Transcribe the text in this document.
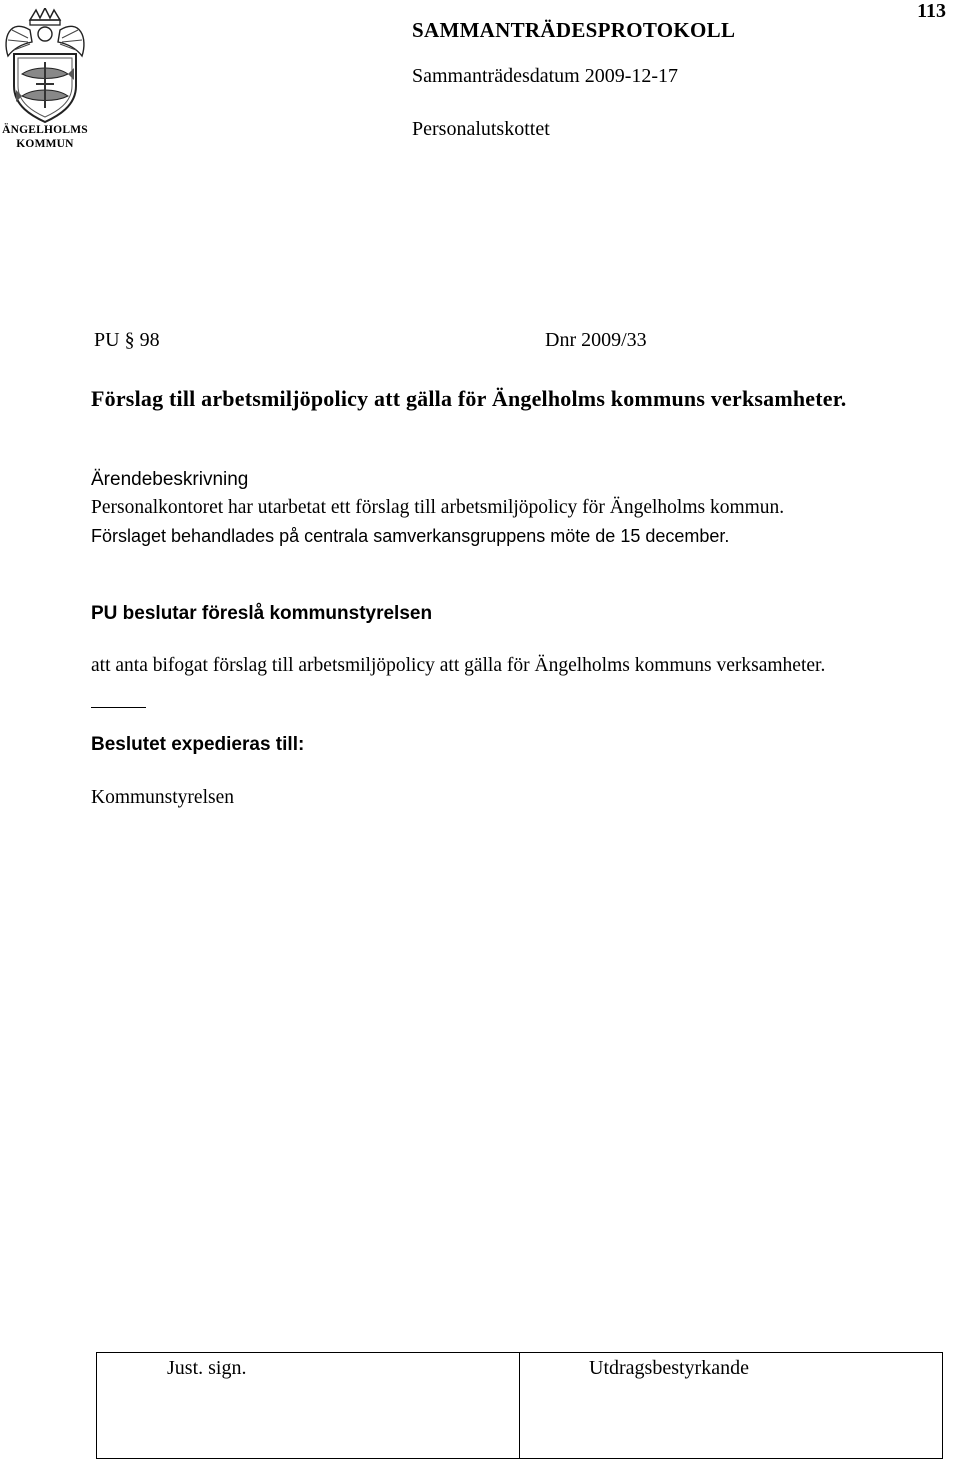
ÄNGELHOLMS
KOMMUN
113
SAMMANTRÄDESPROTOKOLL
Sammanträdesdatum 2009-12-17
Personalutskottet
PU § 98	Dnr 2009/33
Förslag till arbetsmiljöpolicy att gälla för Ängelholms kommuns verksamheter.
Ärendebeskrivning
Personalkontoret har utarbetat ett förslag till arbetsmiljöpolicy för Ängelholms kommun.
Förslaget behandlades på centrala samverkansgruppens möte de 15 december.
PU beslutar föreslå kommunstyrelsen
att anta bifogat förslag till arbetsmiljöpolicy att gälla för Ängelholms kommuns verksamheter.
Beslutet expedieras till:
Kommunstyrelsen
Just. sign.	Utdragsbestyrkande
